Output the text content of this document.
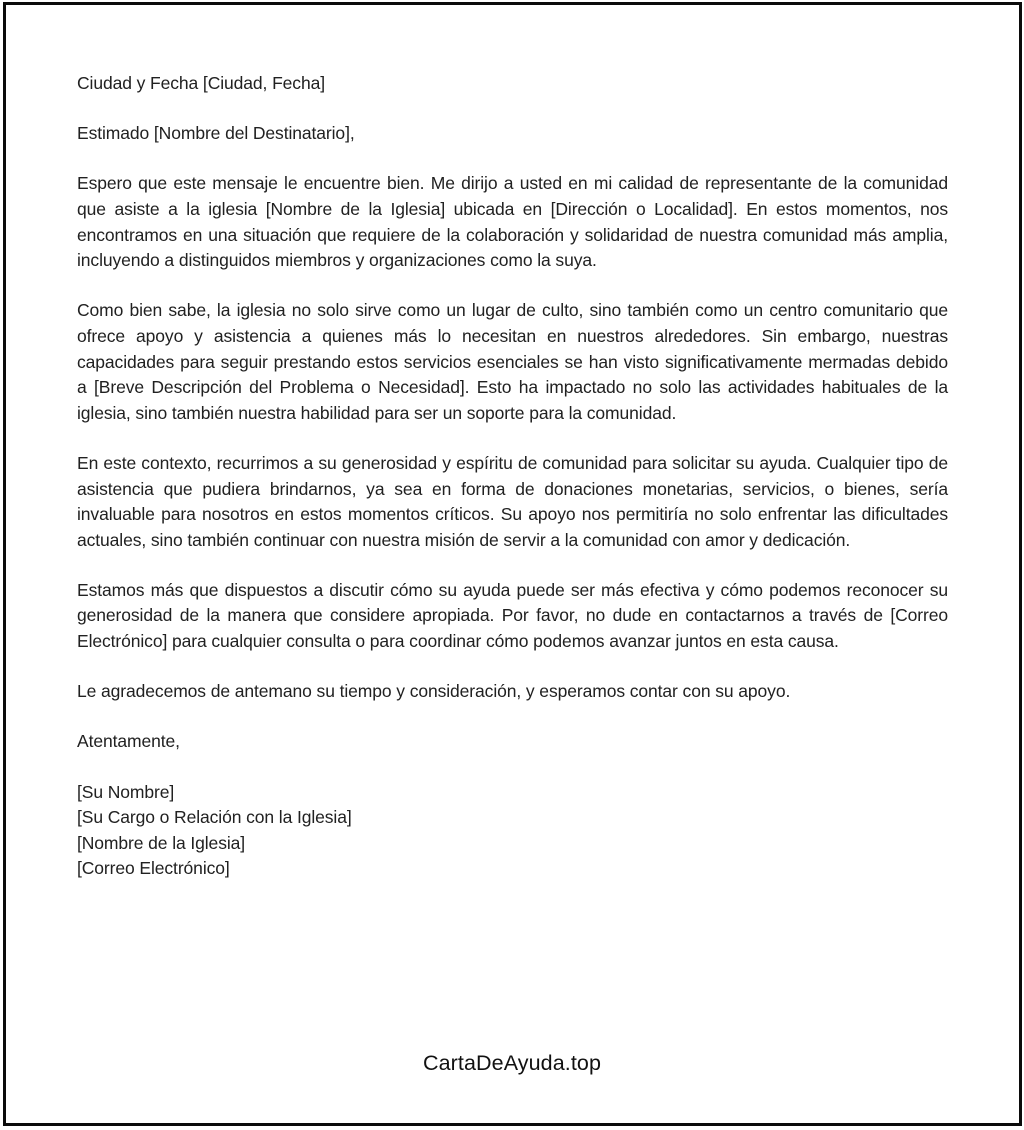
Ciudad y Fecha [Ciudad, Fecha]

Estimado [Nombre del Destinatario],

Espero que este mensaje le encuentre bien. Me dirijo a usted en mi calidad de representante de la comunidad que asiste a la iglesia [Nombre de la Iglesia] ubicada en [Dirección o Localidad]. En estos momentos, nos encontramos en una situación que requiere de la colaboración y solidaridad de nuestra comunidad más amplia, incluyendo a distinguidos miembros y organizaciones como la suya.

Como bien sabe, la iglesia no solo sirve como un lugar de culto, sino también como un centro comunitario que ofrece apoyo y asistencia a quienes más lo necesitan en nuestros alrededores. Sin embargo, nuestras capacidades para seguir prestando estos servicios esenciales se han visto significativamente mermadas debido a [Breve Descripción del Problema o Necesidad]. Esto ha impactado no solo las actividades habituales de la iglesia, sino también nuestra habilidad para ser un soporte para la comunidad.

En este contexto, recurrimos a su generosidad y espíritu de comunidad para solicitar su ayuda. Cualquier tipo de asistencia que pudiera brindarnos, ya sea en forma de donaciones monetarias, servicios, o bienes, sería invaluable para nosotros en estos momentos críticos. Su apoyo nos permitiría no solo enfrentar las dificultades actuales, sino también continuar con nuestra misión de servir a la comunidad con amor y dedicación.

Estamos más que dispuestos a discutir cómo su ayuda puede ser más efectiva y cómo podemos reconocer su generosidad de la manera que considere apropiada. Por favor, no dude en contactarnos a través de [Correo Electrónico] para cualquier consulta o para coordinar cómo podemos avanzar juntos en esta causa.

Le agradecemos de antemano su tiempo y consideración, y esperamos contar con su apoyo.

Atentamente,

[Su Nombre]
[Su Cargo o Relación con la Iglesia]
[Nombre de la Iglesia]
[Correo Electrónico]
CartaDeAyuda.top
